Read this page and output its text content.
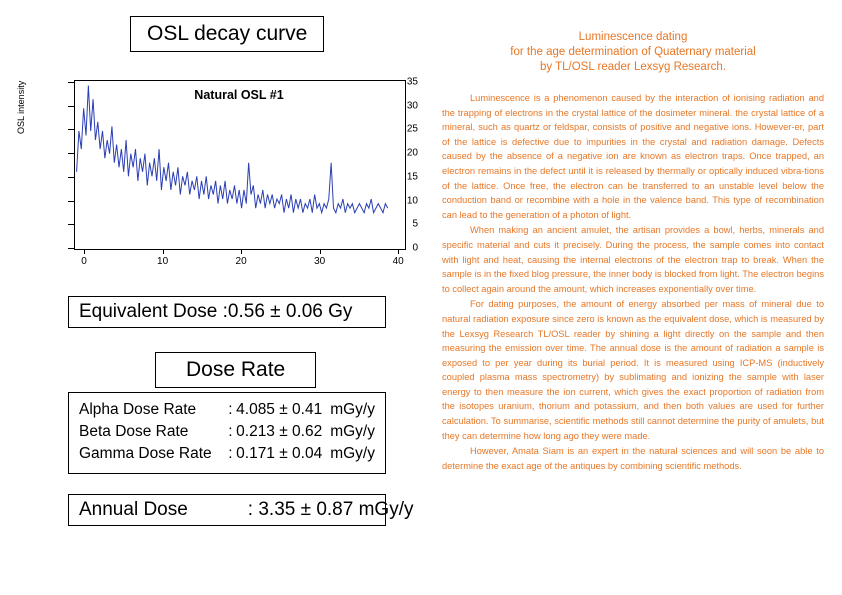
OSL decay curve
OSL intensity
0
5
10
15
20
25
30
35
0	10	20	30	40
Natural OSL #1
Equivalent Dose :0.56 ± 0.06 Gy
Dose Rate
Alpha Dose Rate	:	4.085 ± 0.41	mGy/y
Beta Dose Rate	:	0.213 ± 0.62	mGy/y
Gamma Dose Rate	:	0.171 ± 0.04	mGy/y
Annual Dose	: 3.35 ± 0.87 mGy/y
Luminescence dating
for the age determination of Quaternary material
by TL/OSL reader Lexsyg Research.

Luminescence is a phenomenon caused by the interaction of ionising radiation and the trapping of electrons in the crystal lattice of the dosimeter mineral. the crystal lattice of a mineral, such as quartz or feldspar, consists of positive and negative ions. However-er, part of the lattice is defective due to impurities in the crystal and radiation damage. Defects caused by the absence of a negative ion are known as electron traps. Once trapped, an electron remains in the defect until it is released by thermally or optically induced vibra-tions of the lattice. Once free, the electron can be transferred to an unstable level below the conduction band or recombine with a hole in the valence band. This type of recombination can lead to the generation of a photon of light.

When making an ancient amulet, the artisan provides a bowl, herbs, minerals and specific material and cuts it precisely. During the process, the sample comes into contact with light and heat, causing the internal electrons of the electron trap to break. When the sample is in the fixed blog pressure, the inner body is blocked from light. The electron begins to collect again around the amount, which increases exponentially over time.

For dating purposes, the amount of energy absorbed per mass of mineral due to natural radiation exposure since zero is known as the equivalent dose, which is measured by the Lexsyg Research TL/OSL reader by shining a light directly on the sample and then measuring the emission over time. The annual dose is the amount of radiation a sample is exposed to per year during its burial period. It is measured using ICP-MS (inductively coupled plasma mass spectrometry) by sublimating and ionizing the sample with laser energy to then measure the ion current, which gives the exact proportion of radiation from the isotopes uranium, thorium and potassium, and then both values are used for further calculation. To summarise, scientific methods still cannot determine the purity of amulets, but they can determine how long ago they were made.

However, Amata Siam is an expert in the natural sciences and will soon be able to determine the exact age of the antiques by combining scientific methods.
